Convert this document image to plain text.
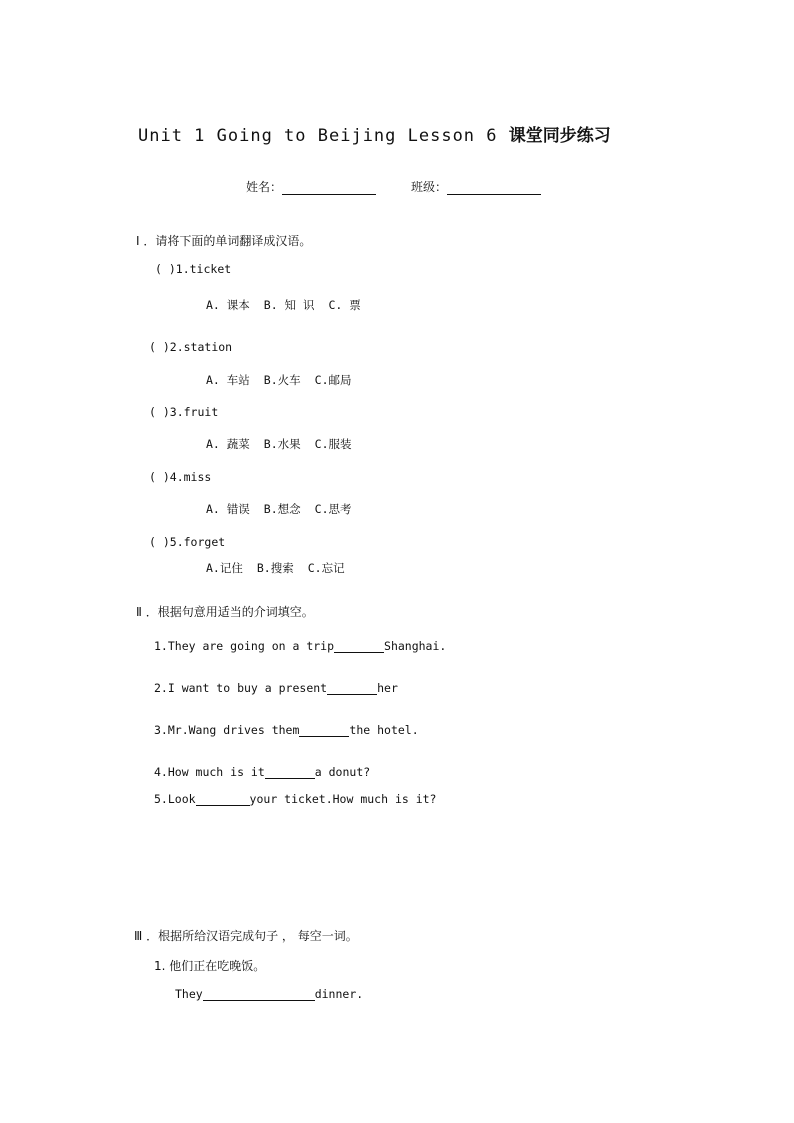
Unit 1 Going to Beijing Lesson 6 课堂同步练习
姓名：	班级：
Ⅰ ．请将下面的单词翻译成汉语。
( )1.ticket
A. 课本 B. 知 识 C. 票
( )2.station
A. 车站 B.火车 C.邮局
( )3.fruit
A. 蔬菜 B.水果 C.服装
( )4.miss
A. 错误 B.想念 C.思考
( )5.forget
A.记住 B.搜索 C.忘记
Ⅱ ．根据句意用适当的介词填空。
1.They are going on a trip	Shanghai.
2.I want to buy a present	her
3.Mr.Wang drives them	the hotel.
4.How much is it	a donut?
5.Look	your ticket.How much is it?
Ⅲ ．根据所给汉语完成句子 ， 每空一词。
1. 他们正在吃晚饭。
They	dinner.
